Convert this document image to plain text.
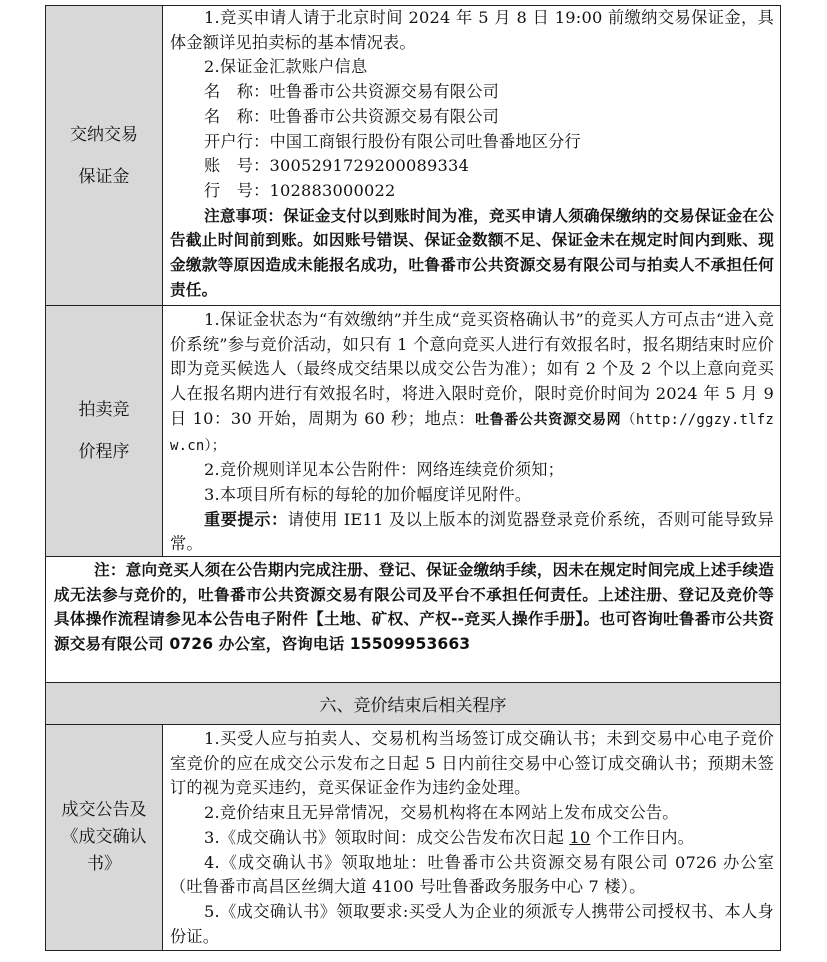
交纳交易
保证金

1.竞买申请人请于北京时间 2024 年 5 月 8 日 19:00 前缴纳交易保证金，具体金额详见拍卖标的基本情况表。

2.保证金汇款账户信息

名　称：吐鲁番市公共资源交易有限公司

名　称：吐鲁番市公共资源交易有限公司

开户行：中国工商银行股份有限公司吐鲁番地区分行

账　号：3005291729200089334

行　号：102883000022

注意事项：保证金支付以到账时间为准，竞买申请人须确保缴纳的交易保证金在公告截止时间前到账。如因账号错误、保证金数额不足、保证金未在规定时间内到账、现金缴款等原因造成未能报名成功，吐鲁番市公共资源交易有限公司与拍卖人不承担任何责任。

拍卖竞
价程序

1.保证金状态为“有效缴纳”并生成“竞买资格确认书”的竞买人方可点击“进入竞价系统”参与竞价活动，如只有 1 个意向竞买人进行有效报名时，报名期结束时应价即为竞买候选人（最终成交结果以成交公告为准）；如有 2 个及 2 个以上意向竞买人在报名期内进行有效报名时，将进入限时竞价，限时竞价时间为 2024 年 5 月 9 日 10：30 开始，周期为 60 秒；地点：吐鲁番公共资源交易网（http://ggzy.tlfzw.cn）；

2.竞价规则详见本公告附件：网络连续竞价须知；

3.本项目所有标的每轮的加价幅度详见附件。

重要提示：请使用 IE11 及以上版本的浏览器登录竞价系统，否则可能导致异常。

注：意向竞买人须在公告期内完成注册、登记、保证金缴纳手续，因未在规定时间完成上述手续造成无法参与竞价的，吐鲁番市公共资源交易有限公司及平台不承担任何责任。上述注册、登记及竞价等具体操作流程请参见本公告电子附件【土地、矿权、产权--竞买人操作手册】。也可咨询吐鲁番市公共资源交易有限公司 0726 办公室，咨询电话 15509953663

六、竞价结束后相关程序
成交公告及
《成交确认
书》

1.买受人应与拍卖人、交易机构当场签订成交确认书；未到交易中心电子竞价室竞价的应在成交公示发布之日起 5 日内前往交易中心签订成交确认书；预期未签订的视为竞买违约，竞买保证金作为违约金处理。

2.竞价结束且无异常情况，交易机构将在本网站上发布成交公告。

3.《成交确认书》领取时间：成交公告发布次日起 10 个工作日内。

4.《成交确认书》领取地址：吐鲁番市公共资源交易有限公司 0726 办公室（吐鲁番市高昌区丝绸大道 4100 号吐鲁番政务服务中心 7 楼）。

5.《成交确认书》领取要求:买受人为企业的须派专人携带公司授权书、本人身份证。
